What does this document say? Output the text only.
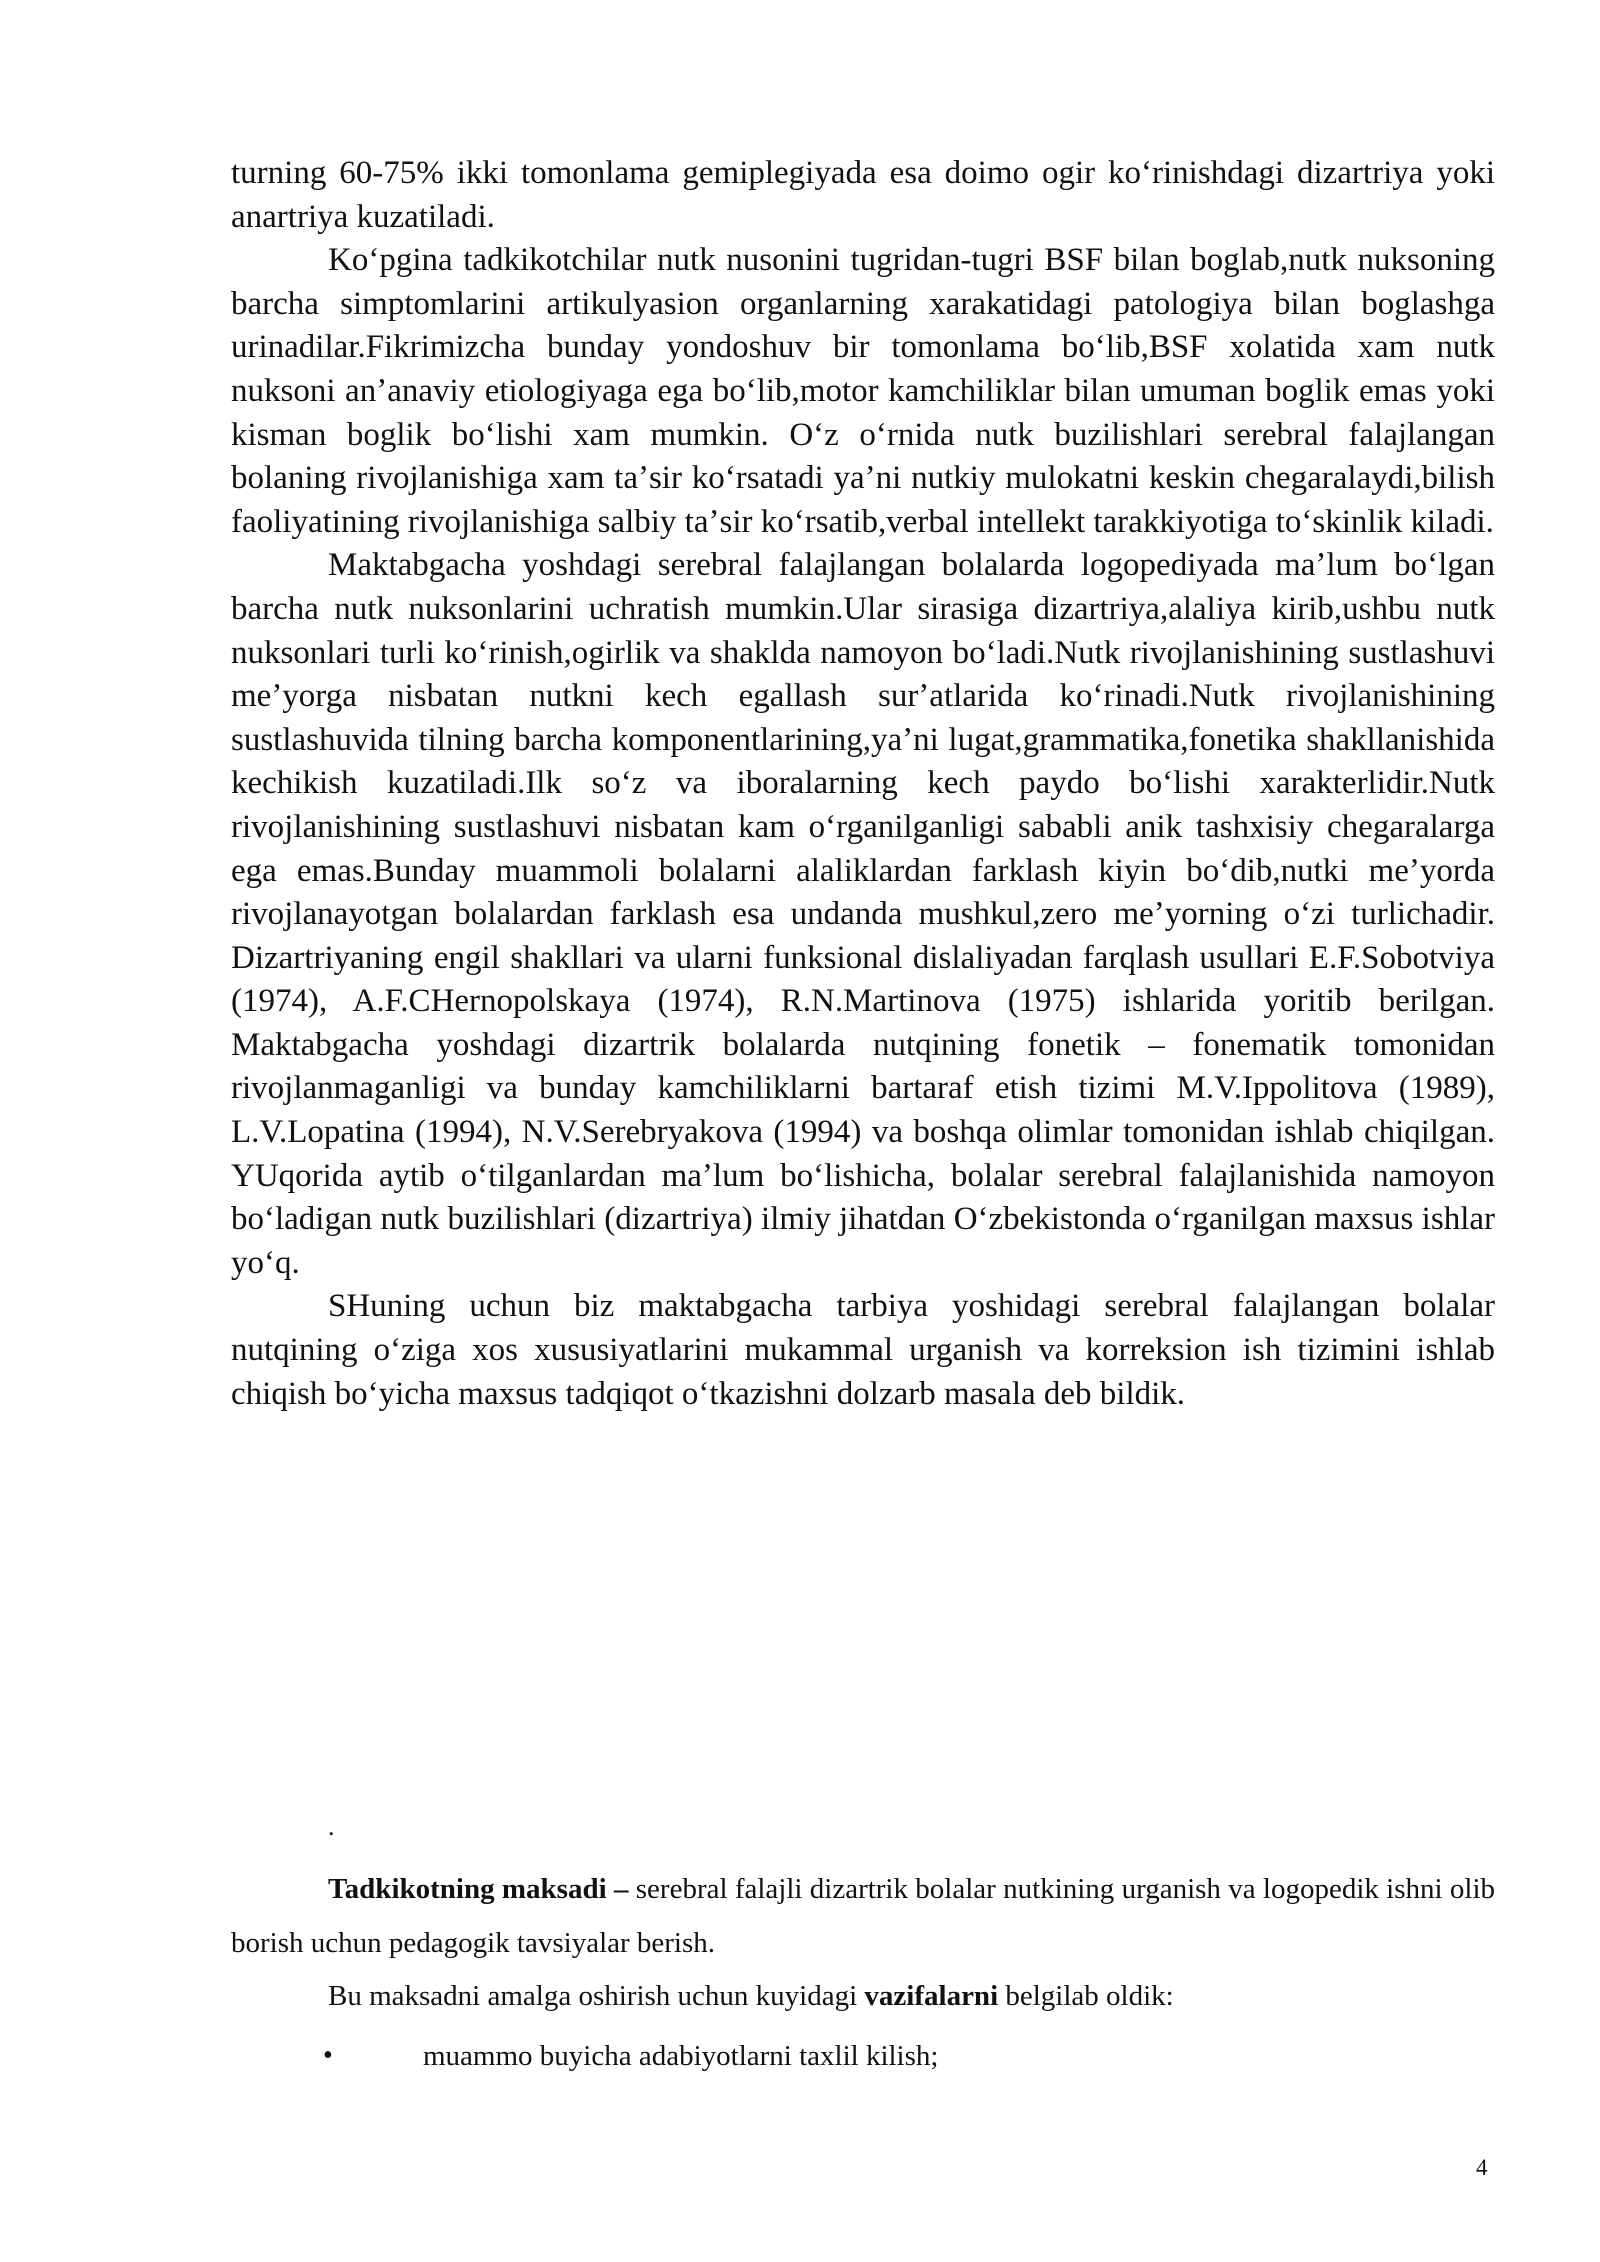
turning 60-75% ikki tomonlama gemiplegiyada esa doimo ogir koʻrinishdagi dizartriya yoki anartriya kuzatiladi.

Koʻpgina tadkikotchilar nutk nusonini tugridan-tugri BSF bilan boglab,nutk nuksoning barcha simptomlarini artikulyasion organlarning xarakatidagi patologiya bilan boglashga urinadilar.Fikrimizcha bunday yondoshuv bir tomonlama boʻlib,BSF xolatida xam nutk nuksoni anʼanaviy etiologiyaga ega boʻlib,motor kamchiliklar bilan umuman boglik emas yoki kisman boglik boʻlishi xam mumkin. Oʻz oʻrnida nutk buzilishlari serebral falajlangan bolaning rivojlanishiga xam taʼsir koʻrsatadi yaʼni nutkiy mulokatni keskin chegaralaydi,bilish faoliyatining rivojlanishiga salbiy taʼsir koʻrsatib,verbal intellekt tarakkiyotiga toʻskinlik kiladi.

Maktabgacha yoshdagi serebral falajlangan bolalarda logopediyada maʼlum boʻlgan barcha nutk nuksonlarini uchratish mumkin.Ular sirasiga dizartriya,alaliya kirib,ushbu nutk nuksonlari turli koʻrinish,ogirlik va shaklda namoyon boʻladi.Nutk rivojlanishining sustlashuvi meʼyorga nisbatan nutkni kech egallash surʼatlarida koʻrinadi.Nutk rivojlanishining sustlashuvida tilning barcha komponentlarining,yaʼni lugat,grammatika,fonetika shakllanishida kechikish kuzatiladi.Ilk soʻz va iboralarning kech paydo boʻlishi xarakterlidir.Nutk rivojlanishining sustlashuvi nisbatan kam oʻrganilganligi sababli anik tashxisiy chegaralarga ega emas.Bunday muammoli bolalarni alaliklardan farklash kiyin boʻdib,nutki meʼyorda rivojlanayotgan bolalardan farklash esa undanda mushkul,zero meʼyorning oʻzi turlichadir. Dizartriyaning engil shakllari va ularni funksional dislaliyadan farqlash usullari E.F.Sobotviya (1974), A.F.CHernopolskaya (1974), R.N.Martinova (1975) ishlarida yoritib berilgan. Maktabgacha yoshdagi dizartrik bolalarda nutqining fonetik – fonematik tomonidan rivojlanmaganligi va bunday kamchiliklarni bartaraf etish tizimi M.V.Ippolitova (1989), L.V.Lopatina (1994), N.V.Serebryakova (1994) va boshqa olimlar tomonidan ishlab chiqilgan. YUqorida aytib oʻtilganlardan maʼlum boʻlishicha, bolalar serebral falajlanishida namoyon boʻladigan nutk buzilishlari (dizartriya) ilmiy jihatdan Oʻzbekistonda oʻrganilgan maxsus ishlar yoʻq.

SHuning uchun biz maktabgacha tarbiya yoshidagi serebral falajlangan bolalar nutqining oʻziga xos xususiyatlarini mukammal urganish va korreksion ish tizimini ishlab chiqish boʻyicha maxsus tadqiqot oʻtkazishni dolzarb masala deb bildik.

.

Tadkikotning maksadi – serebral falajli dizartrik bolalar nutkining urganish va logopedik ishni olib borish uchun pedagogik tavsiyalar berish.

Bu maksadni amalga oshirish uchun kuyidagi vazifalarni belgilab oldik:
•	muammo buyicha adabiyotlarni taxlil kilish;
4
